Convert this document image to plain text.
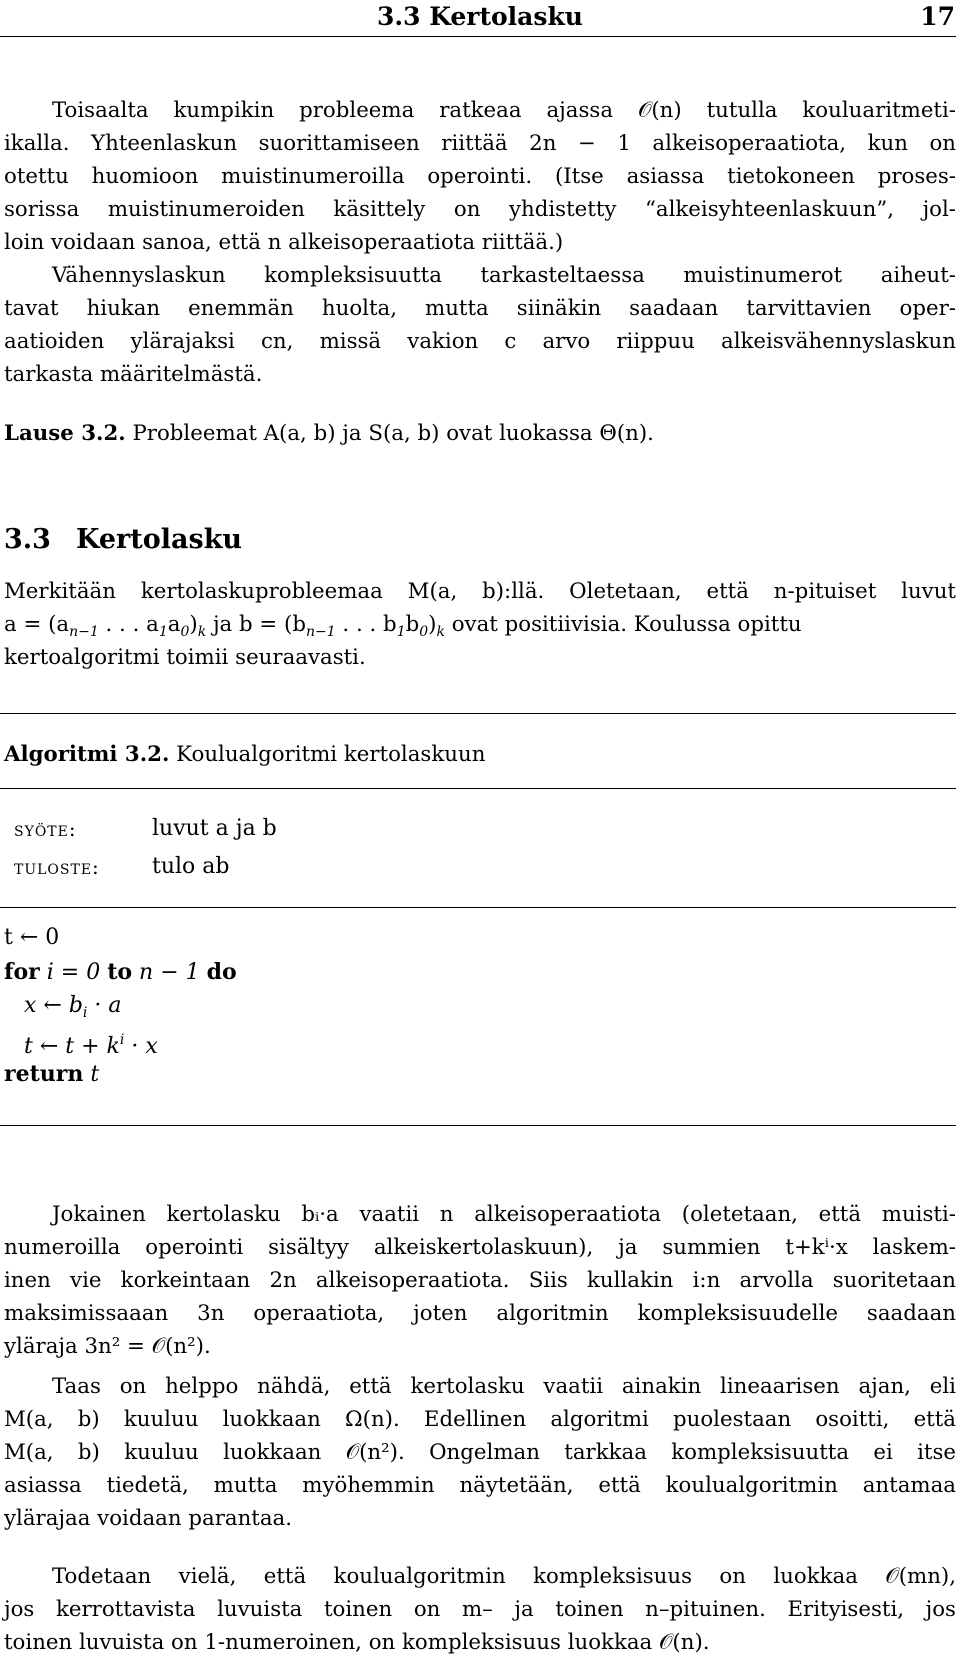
3.3 Kertolasku	17

Toisaalta kumpikin probleema ratkeaa ajassa 𝒪(n) tutulla kouluaritmeti-

ikalla. Yhteenlaskun suorittamiseen riittää 2n − 1 alkeisoperaatiota, kun on

otettu huomioon muistinumeroilla operointi. (Itse asiassa tietokoneen proses-

sorissa muistinumeroiden käsittely on yhdistetty “alkeisyhteenlaskuun”, jol-

loin voidaan sanoa, että n alkeisoperaatiota riittää.)

Vähennyslaskun kompleksisuutta tarkasteltaessa muistinumerot aiheut-

tavat hiukan enemmän huolta, mutta siinäkin saadaan tarvittavien oper-

aatioiden ylärajaksi cn, missä vakion c arvo riippuu alkeisvähennyslaskun

tarkasta määritelmästä.

Lause 3.2. Probleemat A(a, b) ja S(a, b) ovat luokassa Θ(n).

3.3 Kertolasku

Merkitään kertolaskuprobleemaa M(a, b):llä. Oletetaan, että n-pituiset luvut

$a = (a_{n-1}$ . . . $a_1a_0)_k$ ja $b = (b_{n-1}$ . . . $b_1b_0)_k$ ovat positiivisia. Koulussa opittu

kertoalgoritmi toimii seuraavasti.

Algoritmi 3.2. Koulualgoritmi kertolaskuun

syöte:	luvut a ja b
tuloste: tulo ab
t ← 0
for i = 0 to n − 1 do
x ← $b_i \cdot a$
t ← $t + k^i \cdot x$
return t

Jokainen kertolasku bᵢ·a vaatii n alkeisoperaatiota (oletetaan, että muisti-

numeroilla operointi sisältyy alkeiskertolaskuun), ja summien t+kⁱ·x laskem-

inen vie korkeintaan 2n alkeisoperaatiota. Siis kullakin i:n arvolla suoritetaan

maksimissaaan 3n operaatiota, joten algoritmin kompleksisuudelle saadaan

yläraja 3n² = 𝒪(n²).

Taas on helppo nähdä, että kertolasku vaatii ainakin lineaarisen ajan, eli

M(a, b) kuuluu luokkaan Ω(n). Edellinen algoritmi puolestaan osoitti, että

M(a, b) kuuluu luokkaan 𝒪(n²). Ongelman tarkkaa kompleksisuutta ei itse

asiassa tiedetä, mutta myöhemmin näytetään, että koulualgoritmin antamaa

ylärajaa voidaan parantaa.

Todetaan vielä, että koulualgoritmin kompleksisuus on luokkaa 𝒪(mn),

jos kerrottavista luvuista toinen on m– ja toinen n–pituinen. Erityisesti, jos

toinen luvuista on 1-numeroinen, on kompleksisuus luokkaa 𝒪(n).
